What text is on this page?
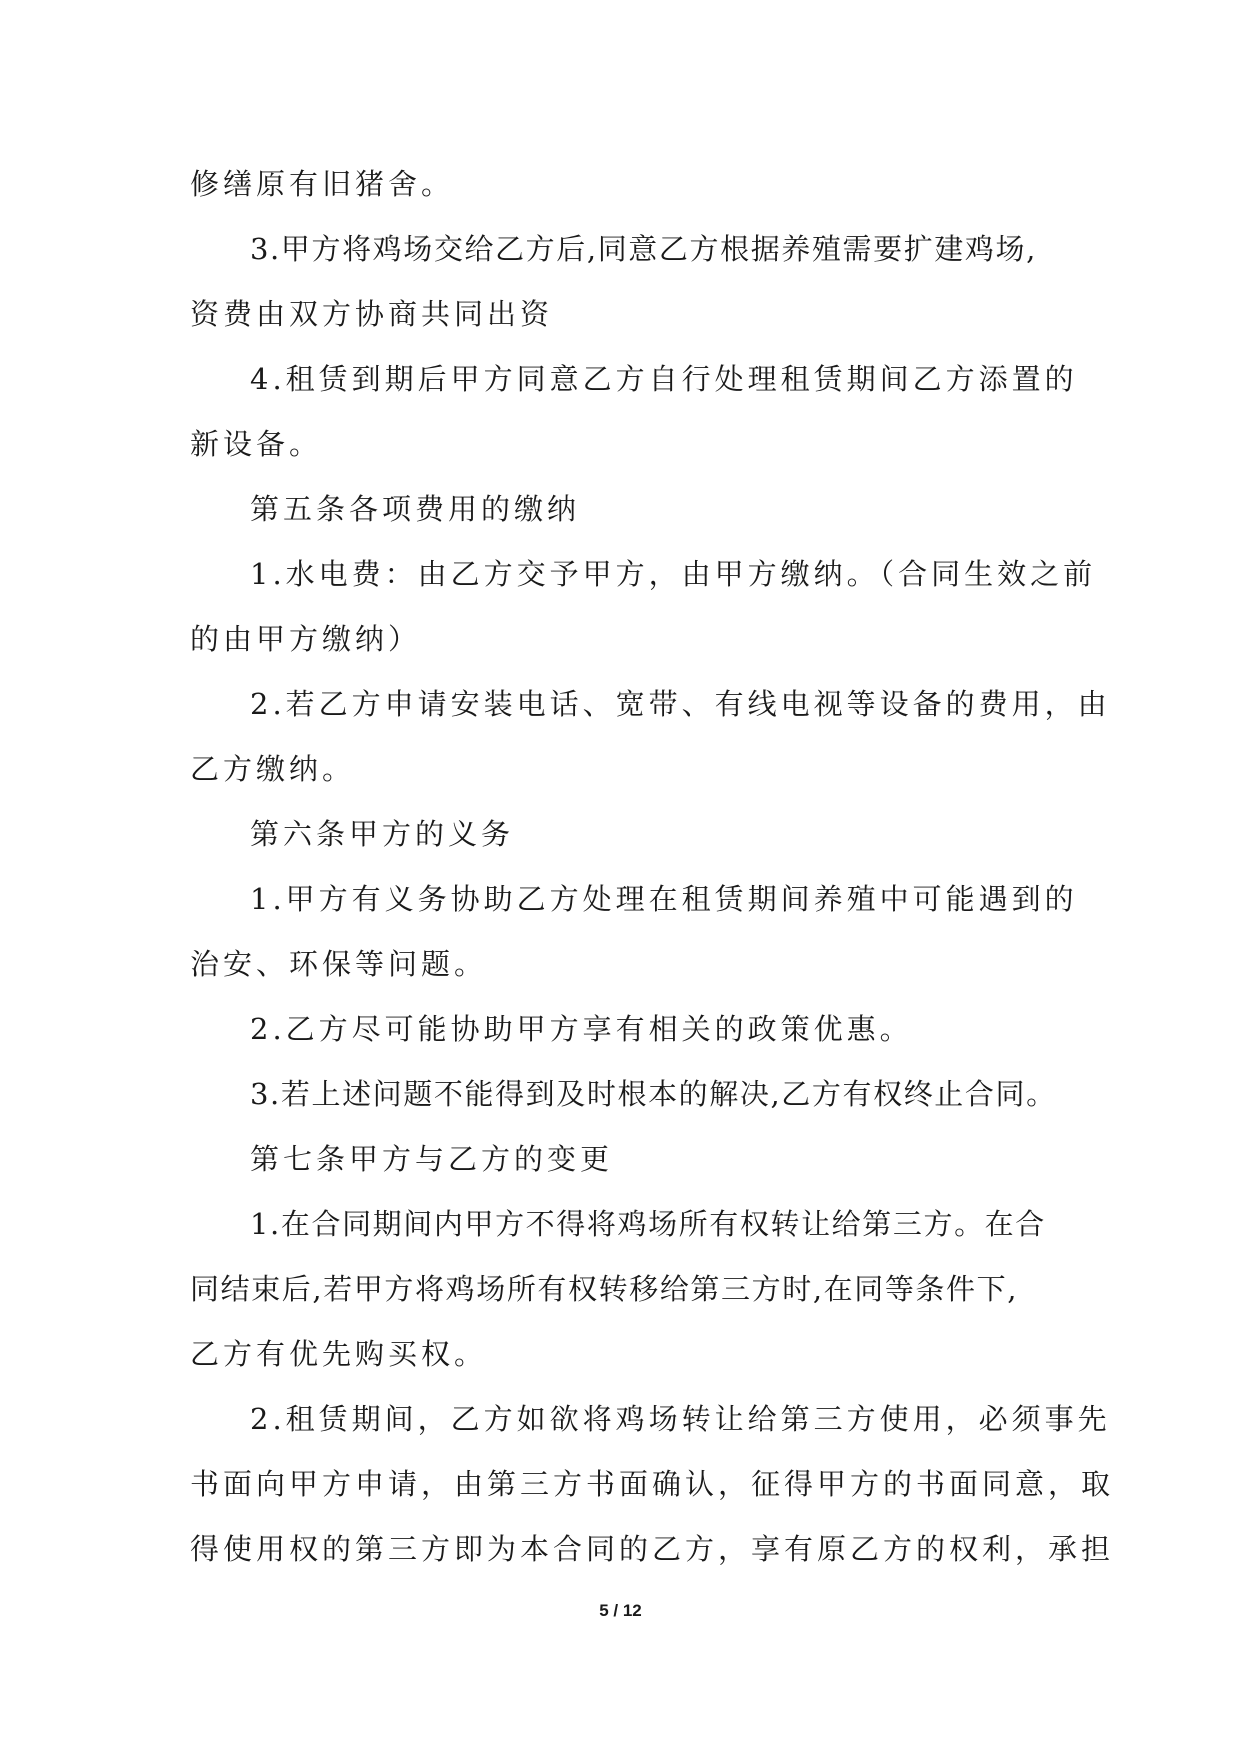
修缮原有旧猪舍。
3.甲方将鸡场交给乙方后,同意乙方根据养殖需要扩建鸡场,
资费由双方协商共同出资
4.租赁到期后甲方同意乙方自行处理租赁期间乙方添置的
新设备。
第五条各项费用的缴纳
1.水电费：由乙方交予甲方，由甲方缴纳。（合同生效之前
的由甲方缴纳）
2.若乙方申请安装电话、宽带、有线电视等设备的费用，由
乙方缴纳。
第六条甲方的义务
1.甲方有义务协助乙方处理在租赁期间养殖中可能遇到的
治安、环保等问题。
2.乙方尽可能协助甲方享有相关的政策优惠。
3.若上述问题不能得到及时根本的解决,乙方有权终止合同。
第七条甲方与乙方的变更
1.在合同期间内甲方不得将鸡场所有权转让给第三方。在合
同结束后,若甲方将鸡场所有权转移给第三方时,在同等条件下,
乙方有优先购买权。
2.租赁期间，乙方如欲将鸡场转让给第三方使用，必须事先
书面向甲方申请，由第三方书面确认，征得甲方的书面同意，取
得使用权的第三方即为本合同的乙方，享有原乙方的权利，承担
5 / 12
